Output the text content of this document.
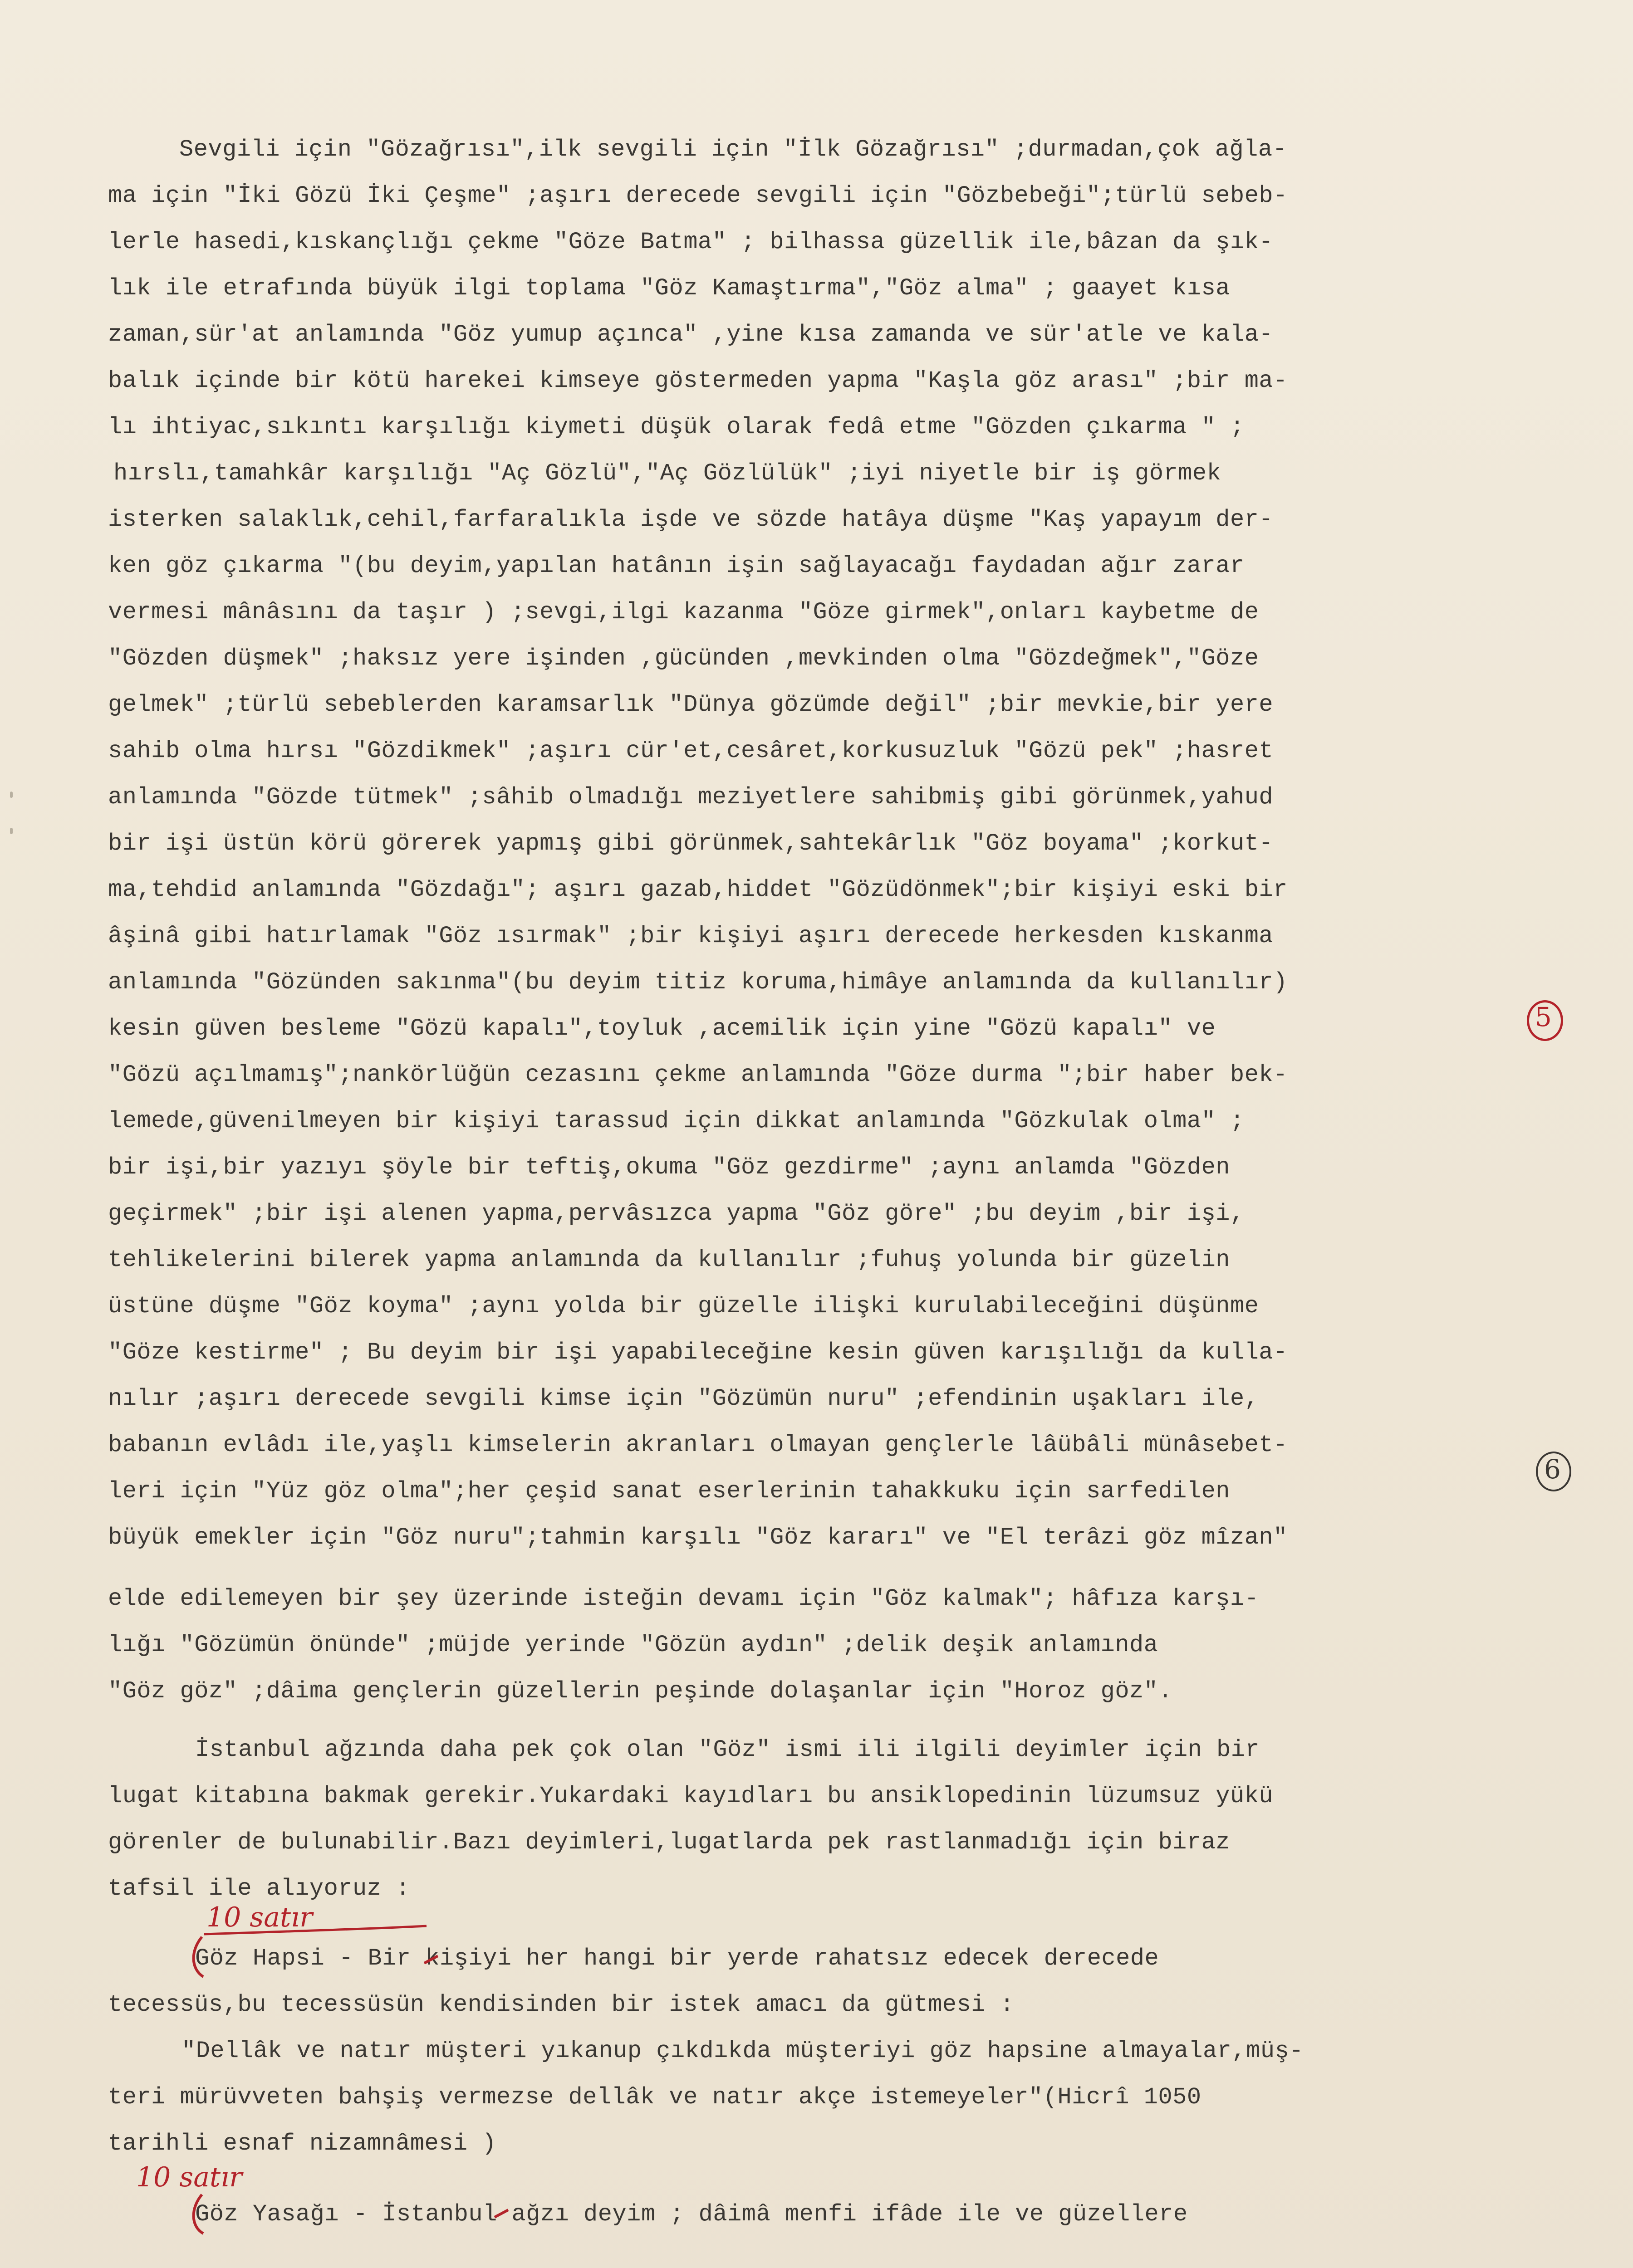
Sevgili için "Gözağrısı",ilk sevgili için "İlk Gözağrısı" ;durmadan,çok ağla-
ma için "İki Gözü İki Çeşme" ;aşırı derecede sevgili için "Gözbebeği";türlü sebeb-
lerle hasedi,kıskançlığı çekme "Göze Batma" ; bilhassa güzellik ile,bâzan da şık-
lık ile etrafında büyük ilgi toplama "Göz Kamaştırma","Göz alma" ; gaayet kısa
zaman,sür'at anlamında "Göz yumup açınca" ,yine kısa zamanda ve sür'atle ve kala-
balık içinde bir kötü harekei kimseye göstermeden yapma "Kaşla göz arası" ;bir ma-
lı ihtiyac,sıkıntı karşılığı kiymeti düşük olarak fedâ etme "Gözden çıkarma " ;
hırslı,tamahkâr karşılığı "Aç Gözlü","Aç Gözlülük" ;iyi niyetle bir iş görmek
isterken salaklık,cehil,farfaralıkla işde ve sözde hatâya düşme "Kaş yapayım der-
ken göz çıkarma "(bu deyim,yapılan hatânın işin sağlayacağı faydadan ağır zarar
vermesi mânâsını da taşır ) ;sevgi,ilgi kazanma "Göze girmek",onları kaybetme de
"Gözden düşmek" ;haksız yere işinden ,gücünden ,mevkinden olma "Gözdeğmek","Göze
gelmek" ;türlü sebeblerden karamsarlık "Dünya gözümde değil" ;bir mevkie,bir yere
sahib olma hırsı "Gözdikmek" ;aşırı cür'et,cesâret,korkusuzluk "Gözü pek" ;hasret
anlamında "Gözde tütmek" ;sâhib olmadığı meziyetlere sahibmiş gibi görünmek,yahud
bir işi üstün körü görerek yapmış gibi görünmek,sahtekârlık "Göz boyama" ;korkut-
ma,tehdid anlamında "Gözdağı"; aşırı gazab,hiddet "Gözüdönmek";bir kişiyi eski bir
âşinâ gibi hatırlamak "Göz ısırmak" ;bir kişiyi aşırı derecede herkesden kıskanma
anlamında "Gözünden sakınma"(bu deyim titiz koruma,himâye anlamında da kullanılır)
kesin güven besleme "Gözü kapalı",toyluk ,acemilik için yine "Gözü kapalı" ve
"Gözü açılmamış";nankörlüğün cezasını çekme anlamında "Göze durma ";bir haber bek-
lemede,güvenilmeyen bir kişiyi tarassud için dikkat anlamında "Gözkulak olma" ;
bir işi,bir yazıyı şöyle bir teftiş,okuma "Göz gezdirme" ;aynı anlamda "Gözden
geçirmek" ;bir işi alenen yapma,pervâsızca yapma "Göz göre" ;bu deyim ,bir işi,
tehlikelerini bilerek yapma anlamında da kullanılır ;fuhuş yolunda bir güzelin
üstüne düşme "Göz koyma" ;aynı yolda bir güzelle ilişki kurulabileceğini düşünme
"Göze kestirme" ; Bu deyim bir işi yapabileceğine kesin güven karışılığı da kulla-
nılır ;aşırı derecede sevgili kimse için "Gözümün nuru" ;efendinin uşakları ile,
babanın evlâdı ile,yaşlı kimselerin akranları olmayan gençlerle lâübâli münâsebet-
leri için "Yüz göz olma";her çeşid sanat eserlerinin tahakkuku için sarfedilen
büyük emekler için "Göz nuru";tahmin karşılı "Göz kararı" ve "El terâzi göz mîzan"
elde edilemeyen bir şey üzerinde isteğin devamı için "Göz kalmak"; hâfıza karşı-
lığı "Gözümün önünde" ;müjde yerinde "Gözün aydın" ;delik deşik anlamında
"Göz göz" ;dâima gençlerin güzellerin peşinde dolaşanlar için "Horoz göz".
İstanbul ağzında daha pek çok olan "Göz" ismi ili ilgili deyimler için bir
lugat kitabına bakmak gerekir.Yukardaki kayıdları bu ansiklopedinin lüzumsuz yükü
görenler de bulunabilir.Bazı deyimleri,lugatlarda pek rastlanmadığı için biraz
tafsil ile alıyoruz :
Göz Hapsi - Bir kişiyi her hangi bir yerde rahatsız edecek derecede
tecessüs,bu tecessüsün kendisinden bir istek amacı da gütmesi :
"Dellâk ve natır müşteri yıkanup çıkdıkda müşteriyi göz hapsine almayalar,müş-
teri mürüvveten bahşiş vermezse dellâk ve natır akçe istemeyeler"(Hicrî 1050
tarihli esnaf nizamnâmesi )
Göz Yasağı - İstanbul ağzı deyim ; dâimâ menfi ifâde ile ve güzellere
5
6
10 satır
10 satır
